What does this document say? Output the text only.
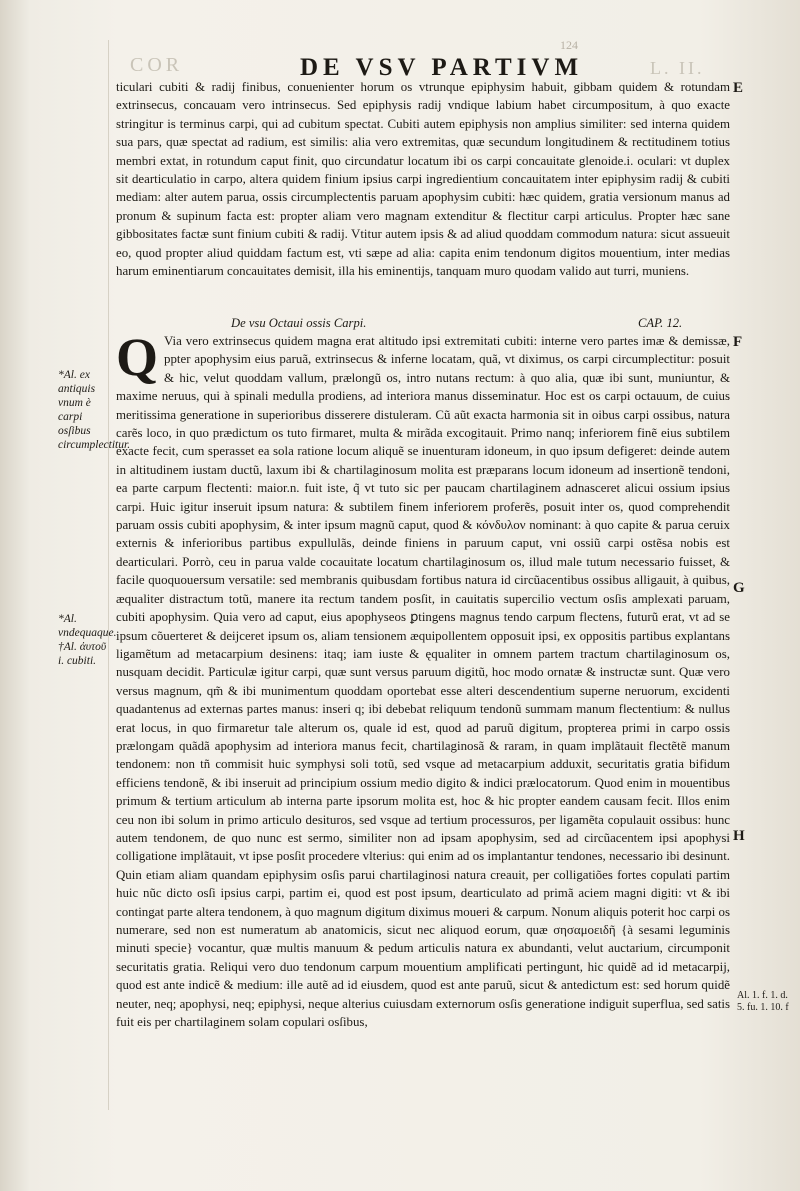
COR	L. II.
124
DE VSV PARTIVM

ticulari cubiti & radij finibus, conuenienter horum os vtrunque epiphysim habuit, gibbam quidem & rotundam extrinsecus, concauam vero intrinsecus. Sed epiphysis radij vndique labium habet circumpositum, à quo exacte stringitur is terminus carpi, qui ad cubitum spectat. Cubiti autem epiphysis non amplius similiter: sed interna quidem sua pars, quæ spectat ad radium, est similis: alia vero extremitas, quæ secundum longitudinem & rectitudinem totius membri extat, in rotundum caput finit, quo circundatur locatum ibi os carpi concauitate glenoide.i. oculari: vt duplex sit dearticulatio in carpo, altera quidem finium ipsius carpi ingredientium concauitatem inter epiphysim radij & cubiti mediam: alter autem parua, ossis circumplectentis paruam apophysim cubiti: hæc quidem, gratia versionum manus ad pronum & supinum facta est: propter aliam vero magnam extenditur & flectitur carpi articulus. Propter hæc sane gibbositates factæ sunt finium cubiti & radij. Vtitur autem ipsis & ad aliud quoddam commodum natura: sicut assueuit eo, quod propter aliud quiddam factum est, vti sæpe ad alia: capita enim tendonum digitos mouentium, inter medias harum eminentiarum concauitates demisit, illa his eminentijs, tanquam muro quodam valido aut turri, muniens.

De vsu Octaui ossis Carpi.	CAP. 12.
Q Via vero extrinsecus quidem magna erat altitudo ipsi extremitati cubiti: interne vero partes imæ & demissæ, ppter apophysim eius paruã, extrinsecus & inferne locatam, quã, vt diximus, os carpi circumplectitur: posuit & hic, velut quoddam vallum, prælongũ os, intro nutans rectum: à quo alia, quæ ibi sunt, muniuntur, & maxime neruus, qui à spinali medulla prodiens, ad interiora manus disseminatur. Hoc est os carpi octauum, de cuius meritissima generatione in superioribus disserere distuleram. Cũ aũt exacta harmonia sit in oibus carpi ossibus, natura carẽs loco, in quo prædictum os tuto firmaret, multa & mirãda excogitauit. Primo nanq; inferiorem finẽ eius subtilem exacte fecit, cum sperasset ea sola ratione locum aliquẽ se inuenturam idoneum, in quo ipsum defigeret: deinde autem in altitudinem iustam ductũ, laxum ibi & chartilaginosum molita est præparans locum idoneum ad insertionẽ tendoni, ea parte carpum flectenti: maior.n. fuit iste, q̃ vt tuto sic per paucam chartilaginem adnasceret alicui ossium ipsius carpi. Huic igitur inseruit ipsum natura: & subtilem finem inferiorem proferẽs, posuit inter os, quod comprehendit paruam ossis cubiti apophysim, & inter ipsum magnũ caput, quod & κόνδυλον nominant: à quo capite & parua ceruix externis & inferioribus partibus expullulãs, deinde finiens in paruum caput, vni ossiũ carpi ostẽsa nobis est dearticulari. Porrò, ceu in parua valde cocauitate locatum chartilaginosum os, illud male tutum necessario fuisset, & facile quoquouersum versatile: sed membranis quibusdam fortibus natura id circũacentibus ossibus alligauit, à quibus, æqualiter distractum totũ, manere ita rectum tandem posſit, in cauitatis supercilio vectum osſis amplexati paruam, cubiti apophysim. Quia vero ad caput, eius apophyseos ꝑtingens magnus tendo carpum flectens, futurũ erat, vt ad se ipsum cõuerteret & deijceret ipsum os, aliam tensionem æquipollentem opposuit ipsi, ex oppositis partibus explantans ligamẽtum ad metacarpium desinens: itaq; iam iuste & ęqualiter in omnem partem tractum chartilaginosum os, nusquam decidit. Particulæ igitur carpi, quæ sunt versus paruum digitũ, hoc modo ornatæ & instructæ sunt. Quæ vero versus magnum, qm̃ & ibi munimentum quoddam oportebat esse alteri descendentium superne neruorum, excidenti quadantenus ad externas partes manus: inseri q; ibi debebat reliquum tendonũ summam manum flectentium: & nullus erat locus, in quo firmaretur tale alterum os, quale id est, quod ad paruũ digitum, propterea primi in carpo ossis prælongam quãdã apophysim ad interiora manus fecit, chartilaginosã & raram, in quam implãtauit flectẽtẽ manum tendonem: non tñ commisit huic symphysi soli totũ, sed vsque ad metacarpium adduxit, securitatis gratia bifidum efficiens tendonẽ, & ibi inseruit ad principium ossium medio digito & indici prælocatorum. Quod enim in mouentibus primum & tertium articulum ab interna parte ipsorum molita est, hoc & hic propter eandem causam fecit. Illos enim ceu non ibi solum in primo articulo desituros, sed vsque ad tertium processuros, per ligamẽta copulauit ossibus: hunc autem tendonem, de quo nunc est sermo, similiter non ad ipsam apophysim, sed ad circũacentem ipsi apophysi colligatione implãtauit, vt ipse posſit procedere vlterius: qui enim ad os implantantur tendones, necessario ibi desinunt. Quin etiam aliam quandam epiphysim osſis parui chartilaginosi natura creauit, per colligatiões fortes copulati partim huic nũc dicto osſi ipsius carpi, partim ei, quod est post ipsum, dearticulato ad primã aciem magni digiti: vt & ibi contingat parte altera tendonem, à quo magnum digitum diximus moueri & carpum. Nonum aliquis poterit hoc carpi os numerare, sed non est numeratum ab anatomicis, sicut nec aliquod eorum, quæ σησαμοειδῆ {à sesami leguminis minuti specie} vocantur, quæ multis manuum & pedum articulis natura ex abundanti, velut auctarium, circumponit securitatis gratia. Reliqui vero duo tendonum carpum mouentium amplificati pertingunt, hic quidẽ ad id metacarpij, quod est ante indicẽ & medium: ille autẽ ad id eiusdem, quod est ante paruũ, sicut & antedictum est: sed horum quidẽ neuter, neq; apophysi, neq; epiphysi, neque alterius cuiusdam externorum osſis generatione indiguit superflua, sed satis fuit eis per chartilaginem solam copulari osſibus,

E
F
G
H
*Al. ex antiquis vnum è carpi osſibus circumplectitur.
*Al. vndequaque.
†Al. ἀυτοῦ i. cubiti.
Al. 1. f. 1. d. 5. fu. 1. 10. f
